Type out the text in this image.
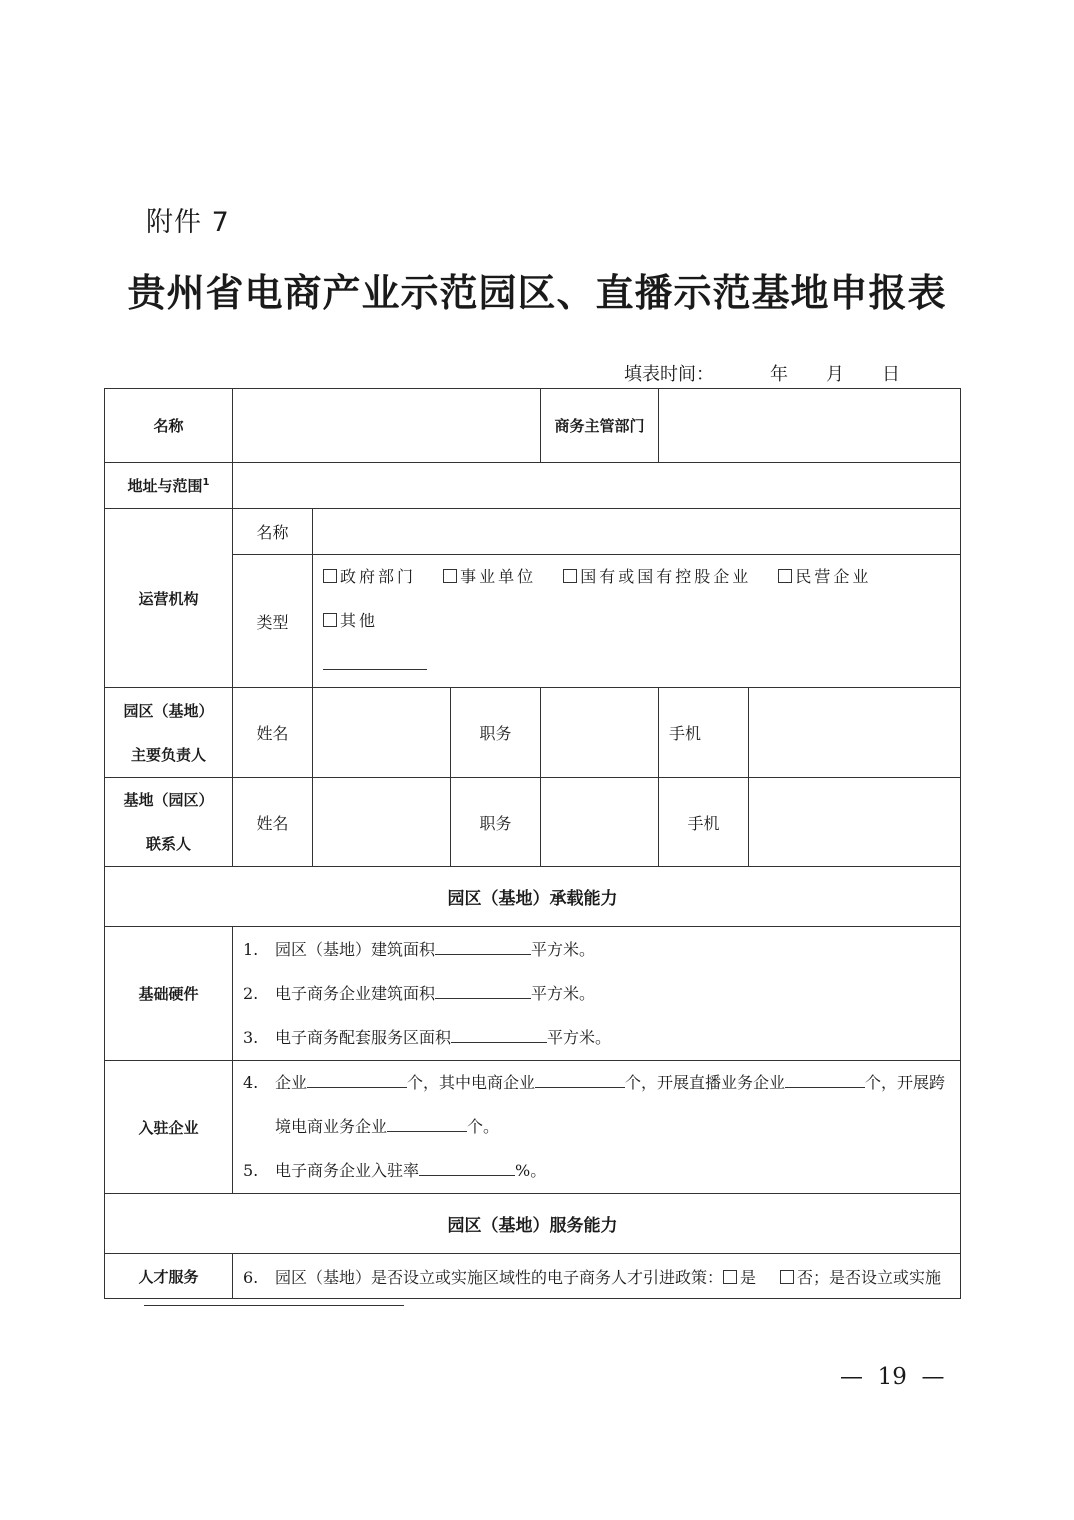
附件 7
贵州省电商产业示范园区、直播示范基地申报表
填表时间：	年 月 日
名称				商务主管部门		
地址与范围$^1$	
运营机构	名称					
	类型	政府部门 事业单位 国有或国有控股企业 民营企业 其他				

园区（基地）
主要负责人	姓名		职务		手机	
基地（园区）
联系人	姓名		职务		手机	
园区（基地）承载能力						
基础硬件	1. 园区（基地）建筑面积 平方米。
2. 电子商务企业建筑面积 平方米。
3. 电子商务配套服务区面积 平方米。					

入驻企业	4. 企业 个，其中电商企业 个，开展直播业务企业 个，开展跨
境电商业务企业 个。
5. 电子商务企业入驻率 %。					

园区（基地）服务能力						
人才服务	6. 园区（基地）是否设立或实施区域性的电子商务人才引进政策： 是 否；是否设立或实施					
—  19  —
